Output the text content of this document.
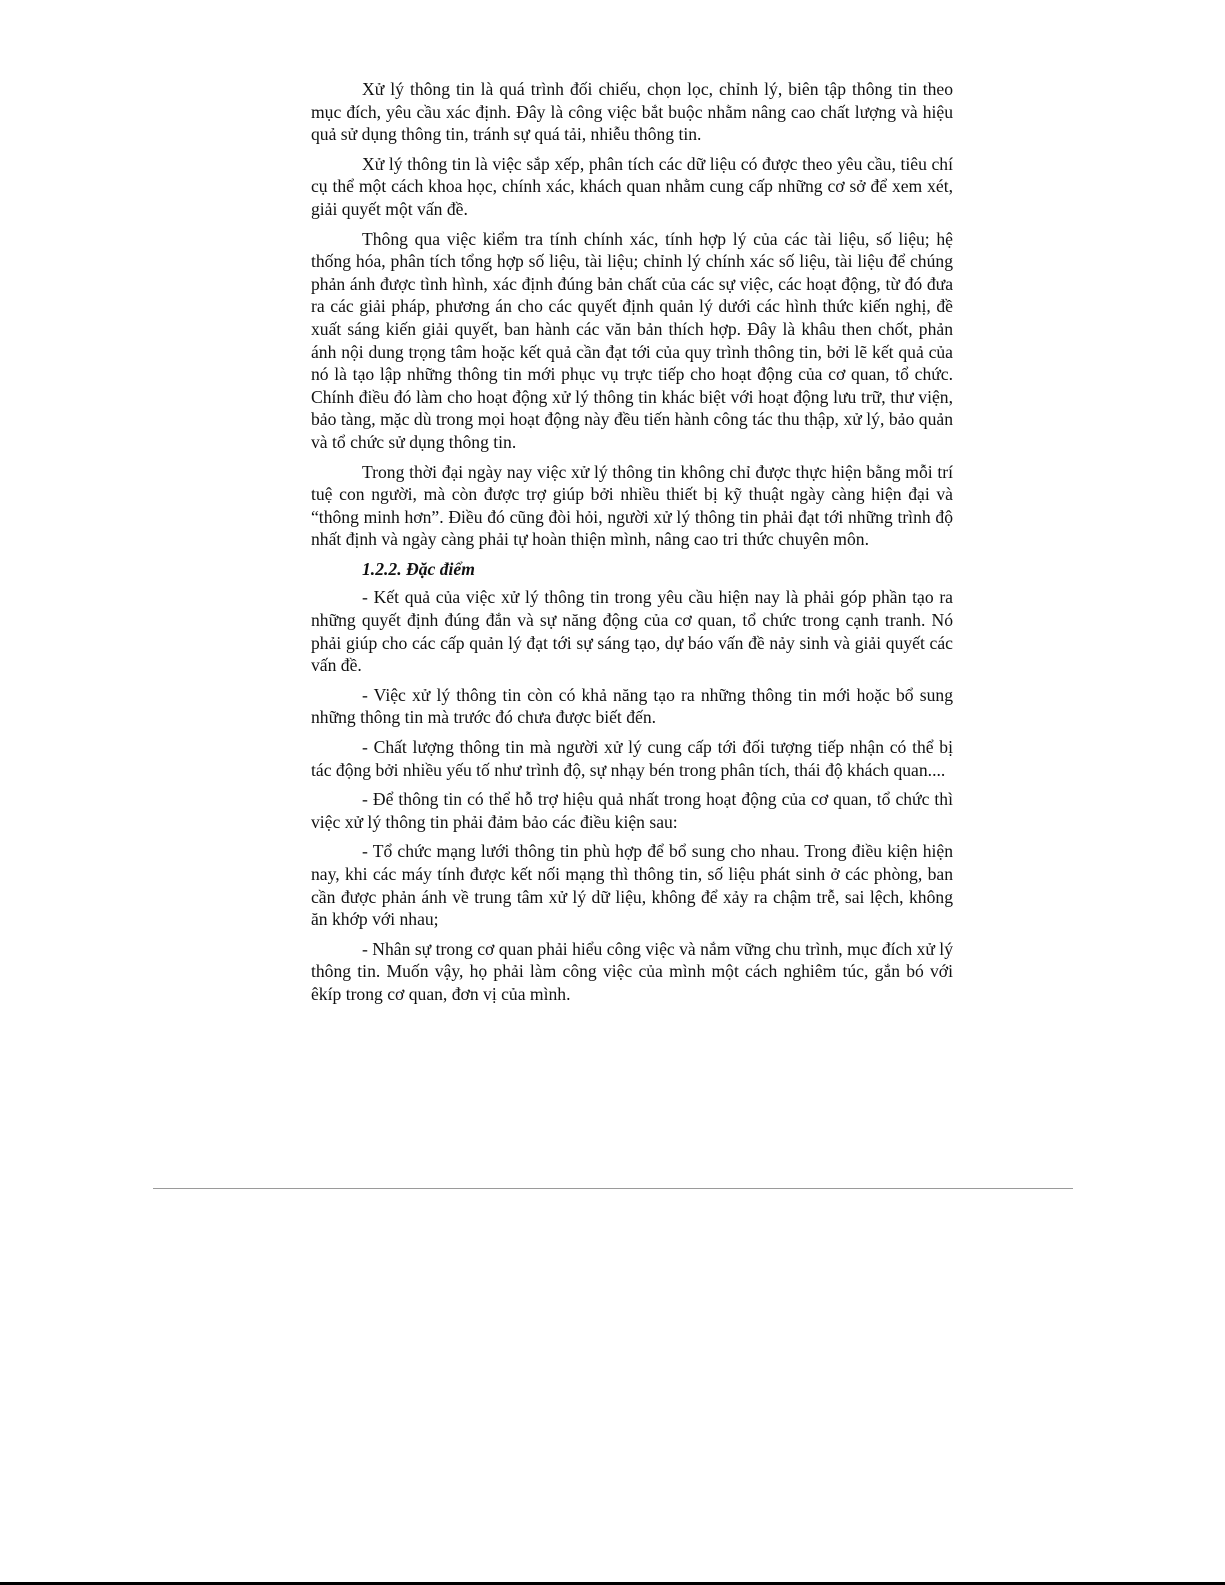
Xử lý thông tin là quá trình đối chiếu, chọn lọc, chỉnh lý, biên tập thông tin theo mục đích, yêu cầu xác định. Đây là công việc bắt buộc nhằm nâng cao chất lượng và hiệu quả sử dụng thông tin, tránh sự quá tải, nhiễu thông tin.

Xử lý thông tin là việc sắp xếp, phân tích các dữ liệu có được theo yêu cầu, tiêu chí cụ thể một cách khoa học, chính xác, khách quan nhằm cung cấp những cơ sở để xem xét, giải quyết một vấn đề.

Thông qua việc kiểm tra tính chính xác, tính hợp lý của các tài liệu, số liệu; hệ thống hóa, phân tích tổng hợp số liệu, tài liệu; chỉnh lý chính xác số liệu, tài liệu để chúng phản ánh được tình hình, xác định đúng bản chất của các sự việc, các hoạt động, từ đó đưa ra các giải pháp, phương án cho các quyết định quản lý dưới các hình thức kiến nghị, đề xuất sáng kiến giải quyết, ban hành các văn bản thích hợp. Đây là khâu then chốt, phản ánh nội dung trọng tâm hoặc kết quả cần đạt tới của quy trình thông tin, bởi lẽ kết quả của nó là tạo lập những thông tin mới phục vụ trực tiếp cho hoạt động của cơ quan, tổ chức. Chính điều đó làm cho hoạt động xử lý thông tin khác biệt với hoạt động lưu trữ, thư viện, bảo tàng, mặc dù trong mọi hoạt động này đều tiến hành công tác thu thập, xử lý, bảo quản và tổ chức sử dụng thông tin.

Trong thời đại ngày nay việc xử lý thông tin không chỉ được thực hiện bằng mỗi trí tuệ con người, mà còn được trợ giúp bởi nhiều thiết bị kỹ thuật ngày càng hiện đại và “thông minh hơn”. Điều đó cũng đòi hỏi, người xử lý thông tin phải đạt tới những trình độ nhất định và ngày càng phải tự hoàn thiện mình, nâng cao tri thức chuyên môn.

1.2.2. Đặc điểm

- Kết quả của việc xử lý thông tin trong yêu cầu hiện nay là phải góp phần tạo ra những quyết định đúng đắn và sự năng động của cơ quan, tổ chức trong cạnh tranh. Nó phải giúp cho các cấp quản lý đạt tới sự sáng tạo, dự báo vấn đề nảy sinh và giải quyết các vấn đề.

- Việc xử lý thông tin còn có khả năng tạo ra những thông tin mới hoặc bổ sung những thông tin mà trước đó chưa được biết đến.

- Chất lượng thông tin mà người xử lý cung cấp tới đối tượng tiếp nhận có thể bị tác động bởi nhiều yếu tố như trình độ, sự nhạy bén trong phân tích, thái độ khách quan....

- Để thông tin có thể hỗ trợ hiệu quả nhất trong hoạt động của cơ quan, tổ chức thì việc xử lý thông tin phải đảm bảo các điều kiện sau:

- Tổ chức mạng lưới thông tin phù hợp để bổ sung cho nhau. Trong điều kiện hiện nay, khi các máy tính được kết nối mạng thì thông tin, số liệu phát sinh ở các phòng, ban cần được phản ánh về trung tâm xử lý dữ liệu, không để xảy ra chậm trễ, sai lệch, không ăn khớp với nhau;

- Nhân sự trong cơ quan phải hiểu công việc và nắm vững chu trình, mục đích xử lý thông tin. Muốn vậy, họ phải làm công việc của mình một cách nghiêm túc, gắn bó với êkíp trong cơ quan, đơn vị của mình.
